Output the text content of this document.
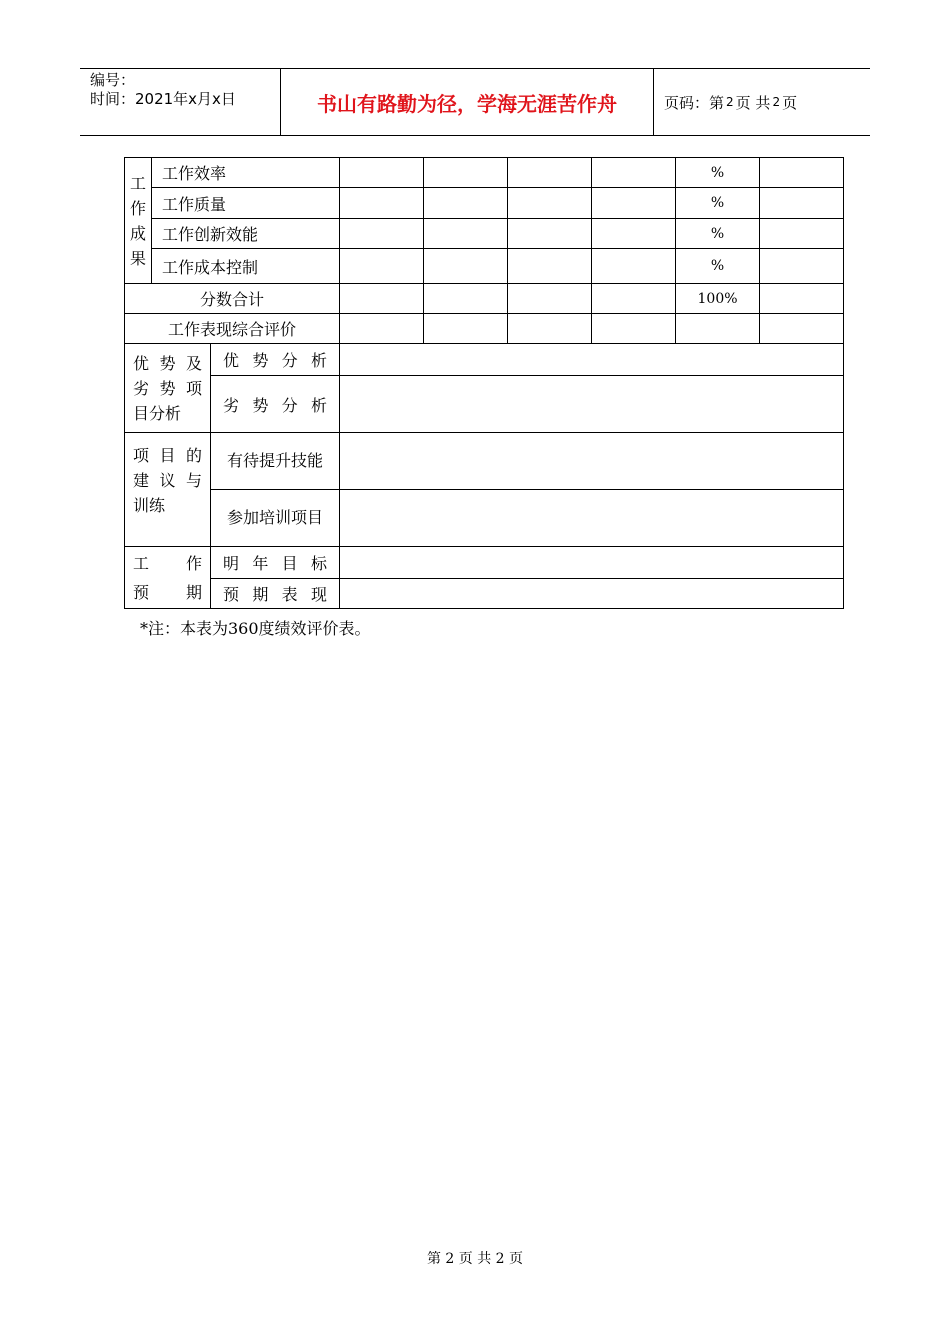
编号：
时间：2021年x月x日	书山有路勤为径，学海无涯苦作舟	页码：第 2 页 共 2 页
工
作
成
果	工作效率						%	
	工作质量						%	
	工作创新效能						%	
	工作成本控制						%	
分数合计							100%	
工作表现综合评价								

优势及
劣势项
目分析		优势分析						
		劣势分析						

项目的
建议与
训练		有待提升技能						
		参加培训项目						

工作
预期		明年目标						
		预期表现						
*注：本表为360度绩效评价表。
第 2 页 共 2 页
